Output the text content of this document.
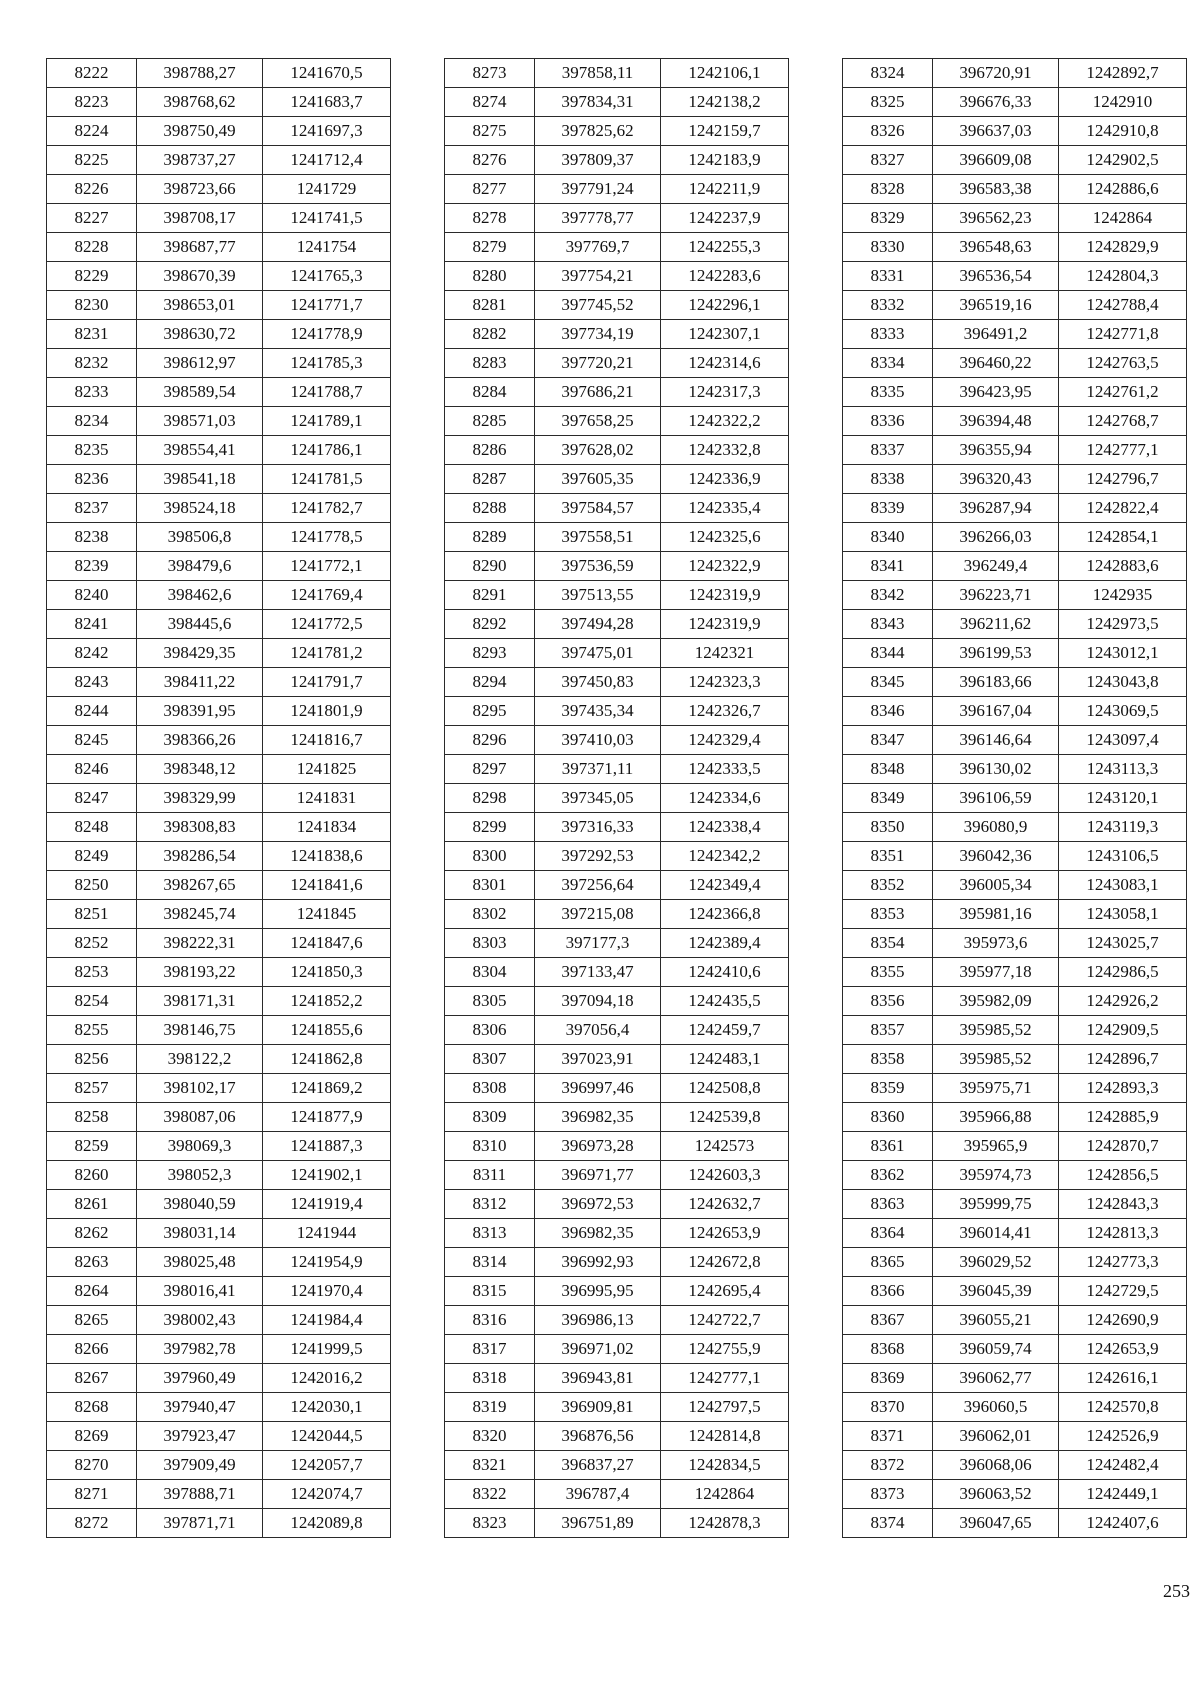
8222	398788,27	1241670,5
8223	398768,62	1241683,7
8224	398750,49	1241697,3
8225	398737,27	1241712,4
8226	398723,66	1241729
8227	398708,17	1241741,5
8228	398687,77	1241754
8229	398670,39	1241765,3
8230	398653,01	1241771,7
8231	398630,72	1241778,9
8232	398612,97	1241785,3
8233	398589,54	1241788,7
8234	398571,03	1241789,1
8235	398554,41	1241786,1
8236	398541,18	1241781,5
8237	398524,18	1241782,7
8238	398506,8	1241778,5
8239	398479,6	1241772,1
8240	398462,6	1241769,4
8241	398445,6	1241772,5
8242	398429,35	1241781,2
8243	398411,22	1241791,7
8244	398391,95	1241801,9
8245	398366,26	1241816,7
8246	398348,12	1241825
8247	398329,99	1241831
8248	398308,83	1241834
8249	398286,54	1241838,6
8250	398267,65	1241841,6
8251	398245,74	1241845
8252	398222,31	1241847,6
8253	398193,22	1241850,3
8254	398171,31	1241852,2
8255	398146,75	1241855,6
8256	398122,2	1241862,8
8257	398102,17	1241869,2
8258	398087,06	1241877,9
8259	398069,3	1241887,3
8260	398052,3	1241902,1
8261	398040,59	1241919,4
8262	398031,14	1241944
8263	398025,48	1241954,9
8264	398016,41	1241970,4
8265	398002,43	1241984,4
8266	397982,78	1241999,5
8267	397960,49	1242016,2
8268	397940,47	1242030,1
8269	397923,47	1242044,5
8270	397909,49	1242057,7
8271	397888,71	1242074,7
8272	397871,71	1242089,8
8273	397858,11	1242106,1
8274	397834,31	1242138,2
8275	397825,62	1242159,7
8276	397809,37	1242183,9
8277	397791,24	1242211,9
8278	397778,77	1242237,9
8279	397769,7	1242255,3
8280	397754,21	1242283,6
8281	397745,52	1242296,1
8282	397734,19	1242307,1
8283	397720,21	1242314,6
8284	397686,21	1242317,3
8285	397658,25	1242322,2
8286	397628,02	1242332,8
8287	397605,35	1242336,9
8288	397584,57	1242335,4
8289	397558,51	1242325,6
8290	397536,59	1242322,9
8291	397513,55	1242319,9
8292	397494,28	1242319,9
8293	397475,01	1242321
8294	397450,83	1242323,3
8295	397435,34	1242326,7
8296	397410,03	1242329,4
8297	397371,11	1242333,5
8298	397345,05	1242334,6
8299	397316,33	1242338,4
8300	397292,53	1242342,2
8301	397256,64	1242349,4
8302	397215,08	1242366,8
8303	397177,3	1242389,4
8304	397133,47	1242410,6
8305	397094,18	1242435,5
8306	397056,4	1242459,7
8307	397023,91	1242483,1
8308	396997,46	1242508,8
8309	396982,35	1242539,8
8310	396973,28	1242573
8311	396971,77	1242603,3
8312	396972,53	1242632,7
8313	396982,35	1242653,9
8314	396992,93	1242672,8
8315	396995,95	1242695,4
8316	396986,13	1242722,7
8317	396971,02	1242755,9
8318	396943,81	1242777,1
8319	396909,81	1242797,5
8320	396876,56	1242814,8
8321	396837,27	1242834,5
8322	396787,4	1242864
8323	396751,89	1242878,3
8324	396720,91	1242892,7
8325	396676,33	1242910
8326	396637,03	1242910,8
8327	396609,08	1242902,5
8328	396583,38	1242886,6
8329	396562,23	1242864
8330	396548,63	1242829,9
8331	396536,54	1242804,3
8332	396519,16	1242788,4
8333	396491,2	1242771,8
8334	396460,22	1242763,5
8335	396423,95	1242761,2
8336	396394,48	1242768,7
8337	396355,94	1242777,1
8338	396320,43	1242796,7
8339	396287,94	1242822,4
8340	396266,03	1242854,1
8341	396249,4	1242883,6
8342	396223,71	1242935
8343	396211,62	1242973,5
8344	396199,53	1243012,1
8345	396183,66	1243043,8
8346	396167,04	1243069,5
8347	396146,64	1243097,4
8348	396130,02	1243113,3
8349	396106,59	1243120,1
8350	396080,9	1243119,3
8351	396042,36	1243106,5
8352	396005,34	1243083,1
8353	395981,16	1243058,1
8354	395973,6	1243025,7
8355	395977,18	1242986,5
8356	395982,09	1242926,2
8357	395985,52	1242909,5
8358	395985,52	1242896,7
8359	395975,71	1242893,3
8360	395966,88	1242885,9
8361	395965,9	1242870,7
8362	395974,73	1242856,5
8363	395999,75	1242843,3
8364	396014,41	1242813,3
8365	396029,52	1242773,3
8366	396045,39	1242729,5
8367	396055,21	1242690,9
8368	396059,74	1242653,9
8369	396062,77	1242616,1
8370	396060,5	1242570,8
8371	396062,01	1242526,9
8372	396068,06	1242482,4
8373	396063,52	1242449,1
8374	396047,65	1242407,6
253
